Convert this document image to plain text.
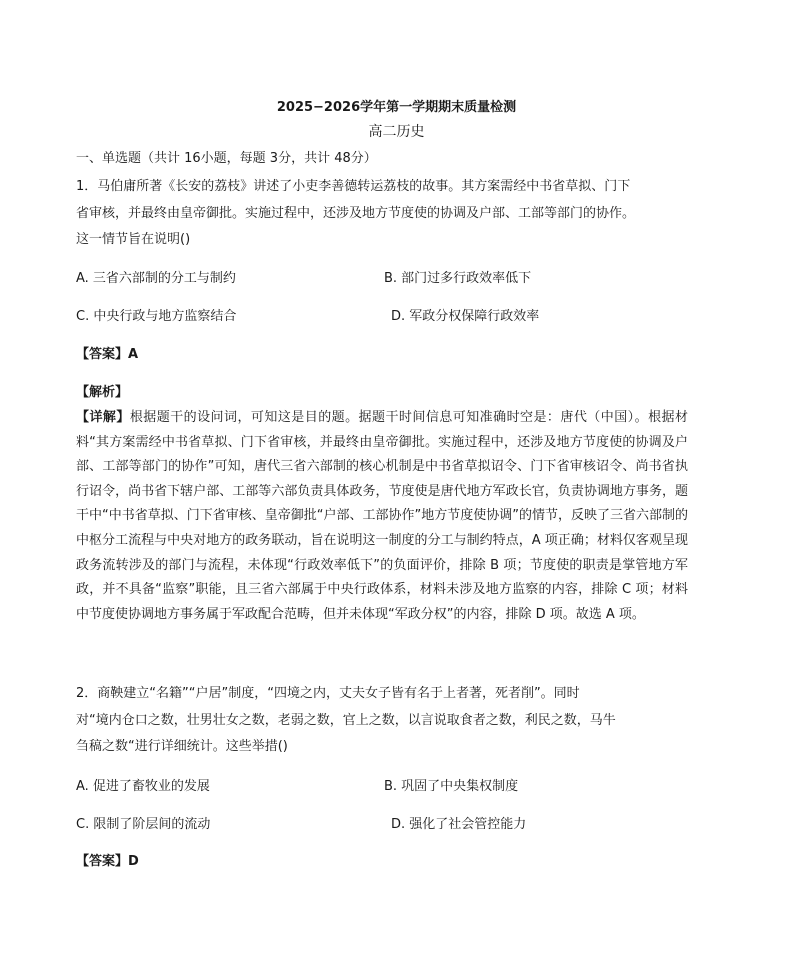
2025−2026学年第一学期期末质量检测
高二历史
一、单选题（共计 16小题，每题 3分，共计 48分）
1．马伯庸所著《长安的荔枝》讲述了小吏李善德转运荔枝的故事。其方案需经中书省草拟、门下
省审核，并最终由皇帝御批。实施过程中，还涉及地方节度使的协调及户部、工部等部门的协作。
这一情节旨在说明()
A. 三省六部制的分工与制约	B. 部门过多行政效率低下
C. 中央行政与地方监察结合	D. 军政分权保障行政效率
【答案】A
【解析】
【详解】根据题干的设问词，可知这是目的题。据题干时间信息可知准确时空是：唐代（中国）。根据材料“其方案需经中书省草拟、门下省审核，并最终由皇帝御批。实施过程中，还涉及地方节度使的协调及户部、工部等部门的协作”可知，唐代三省六部制的核心机制是中书省草拟诏令、门下省审核诏令、尚书省执行诏令，尚书省下辖户部、工部等六部负责具体政务，节度使是唐代地方军政长官，负责协调地方事务，题干中“中书省草拟、门下省审核、皇帝御批“户部、工部协作”地方节度使协调”的情节，反映了三省六部制的中枢分工流程与中央对地方的政务联动，旨在说明这一制度的分工与制约特点，A 项正确；材料仅客观呈现政务流转涉及的部门与流程，未体现“行政效率低下”的负面评价，排除 B 项；节度使的职责是掌管地方军政，并不具备“监察”职能，且三省六部属于中央行政体系，材料未涉及地方监察的内容，排除 C 项；材料中节度使协调地方事务属于军政配合范畴，但并未体现“军政分权”的内容，排除 D 项。故选 A 项。
2．商鞅建立“名籍”“户居”制度，“四境之内，丈夫女子皆有名于上者著，死者削”。同时
对“境内仓口之数，壮男壮女之数，老弱之数，官上之数，以言说取食者之数，利民之数，马牛
刍稿之数“进行详细统计。这些举措()
A. 促进了畜牧业的发展	B. 巩固了中央集权制度
C. 限制了阶层间的流动	D. 强化了社会管控能力
【答案】D
